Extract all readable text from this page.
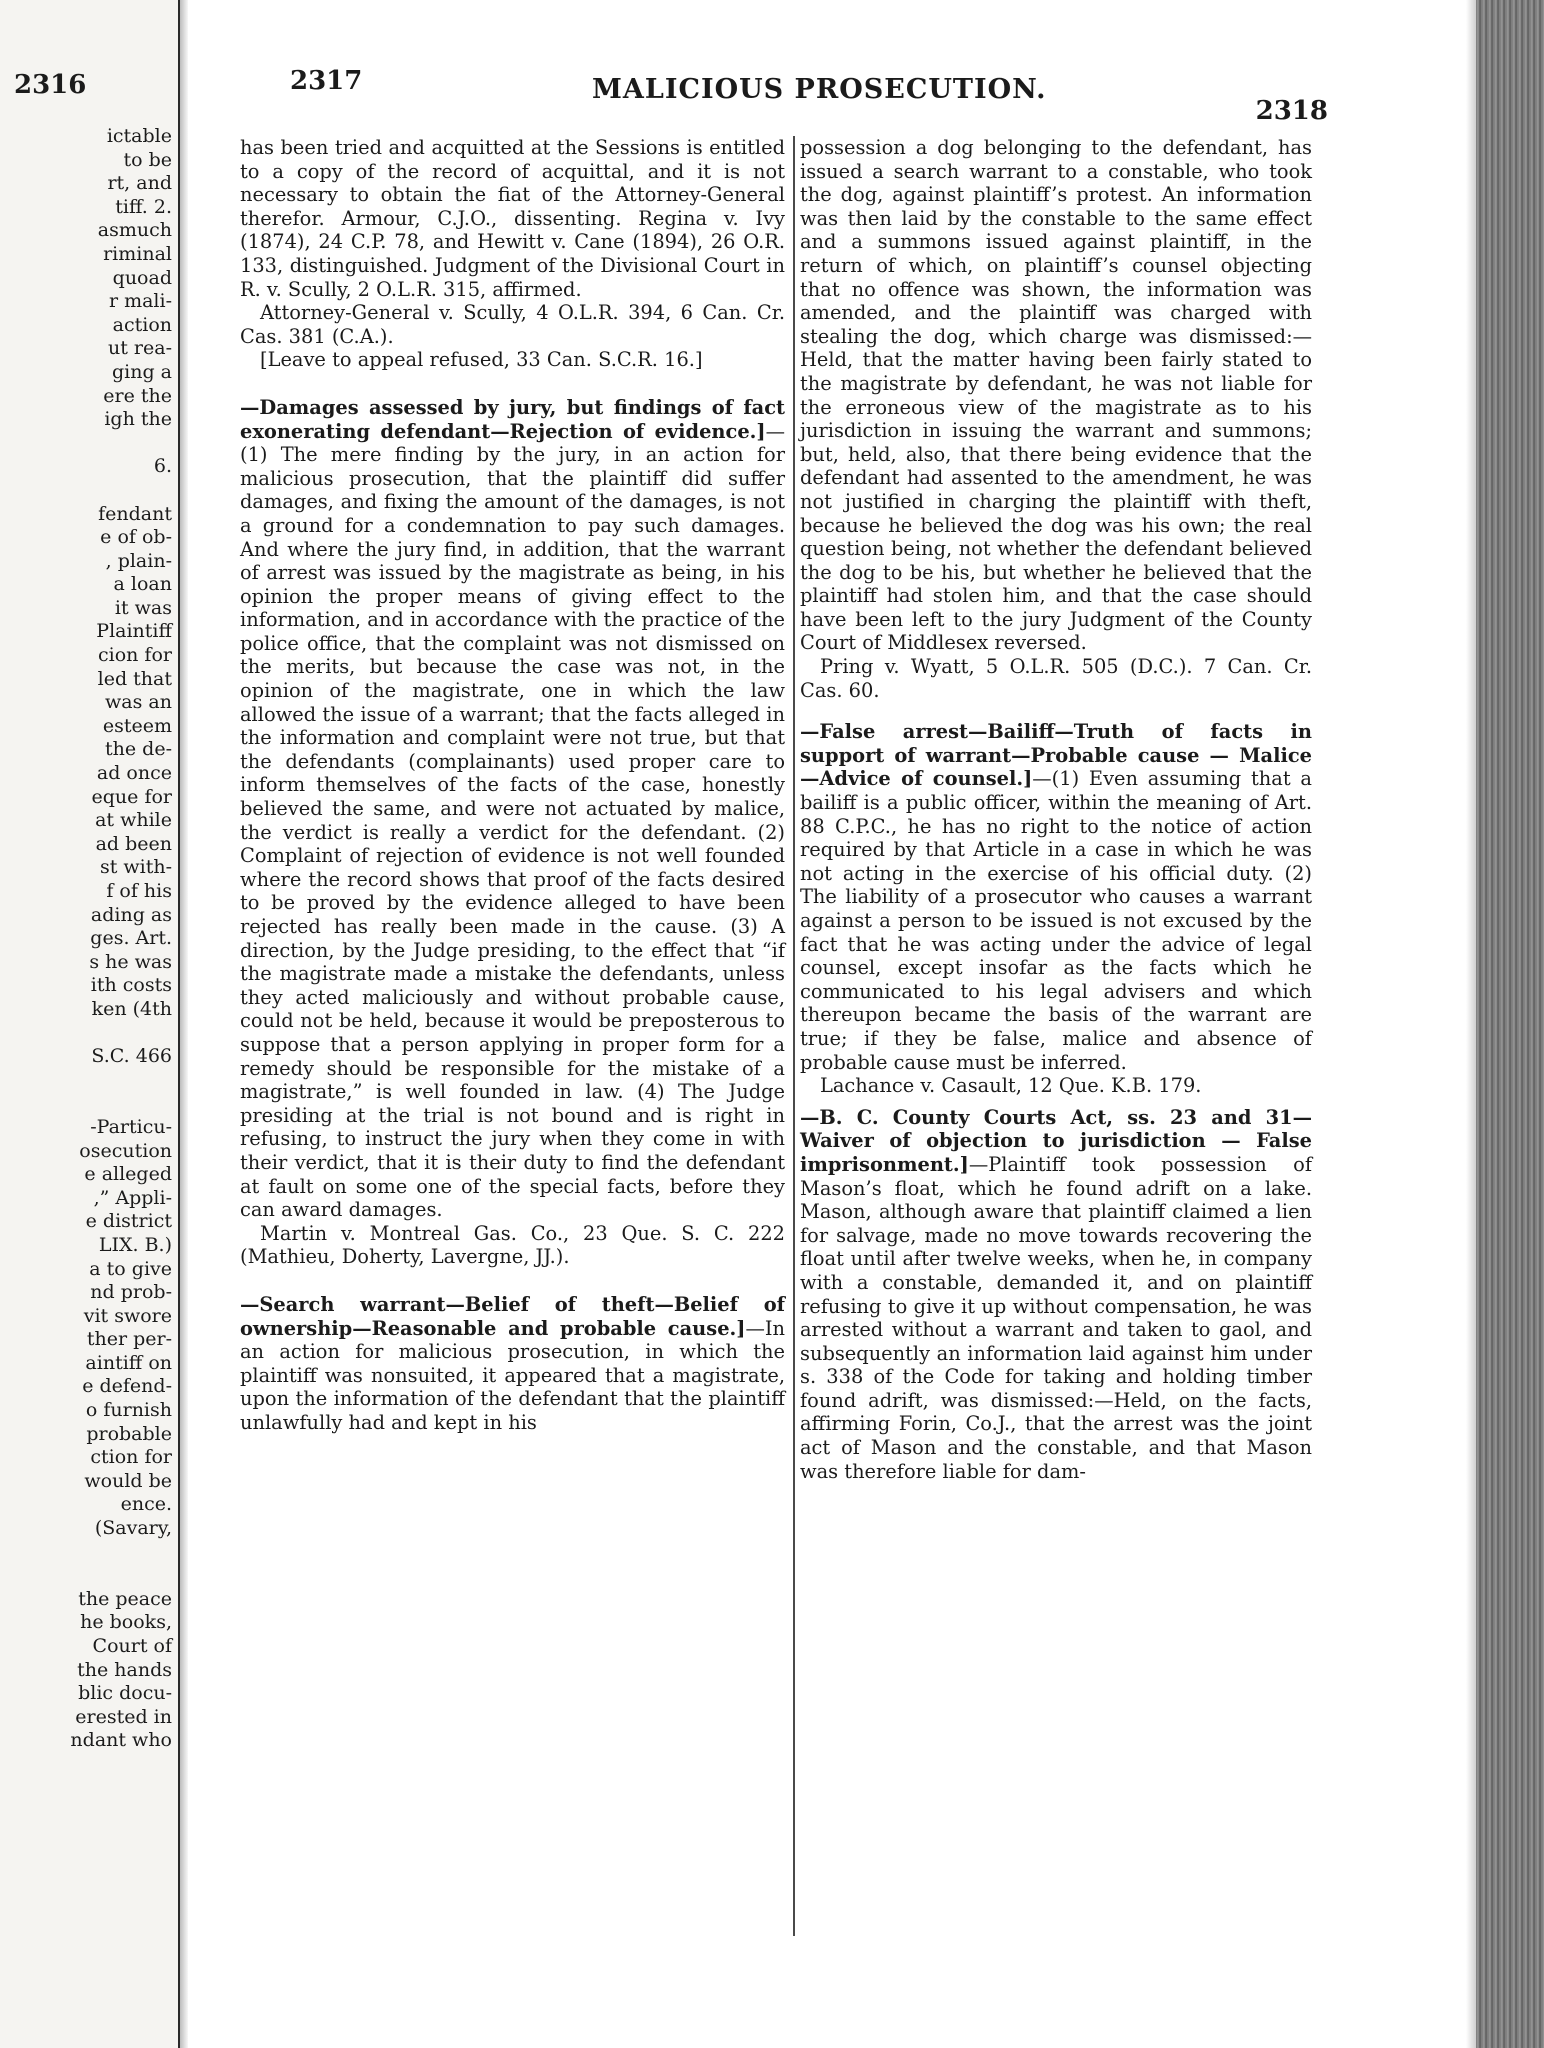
2316
ictable
to be
rt, and
tiff. 2.
asmuch
riminal
quoad
r mali-
action
ut rea-
ging a
ere the
igh the
6.
fendant
e of ob-
, plain-
a loan
it was
Plaintiff
cion for
led that
was an
esteem
the de-
ad once
eque for
at while
ad been
st with-
f of his
ading as
ges. Art.
s he was
ith costs
ken (4th
S.C. 466
-Particu-
osecution
e alleged
,” Appli-
e district
LIX. B.)
a to give
nd prob-
vit swore
ther per-
aintiff on
e defend-
o furnish
probable
ction for
would be
ence.
(Savary,
the peace
he books,
Court of
the hands
blic docu-
erested in
ndant who
2317	MALICIOUS PROSECUTION.
2318

has been tried and acquitted at the Sessions is entitled to a copy of the record of acquittal, and it is not necessary to obtain the fiat of the Attorney-General therefor. Armour, C.J.O., dissenting. Regina v. Ivy (1874), 24 C.P. 78, and Hewitt v. Cane (1894), 26 O.R. 133, distinguished. Judgment of the Divisional Court in R. v. Scully, 2 O.L.R. 315, affirmed.

Attorney-General v. Scully, 4 O.L.R. 394, 6 Can. Cr. Cas. 381 (C.A.).

[Leave to appeal refused, 33 Can. S.C.R. 16.]

—Damages assessed by jury, but findings of fact exonerating defendant—Rejection of evidence.]—(1) The mere finding by the jury, in an action for malicious prosecution, that the plaintiff did suffer damages, and fixing the amount of the damages, is not a ground for a condemnation to pay such damages. And where the jury find, in addition, that the warrant of arrest was issued by the magistrate as being, in his opinion the proper means of giving effect to the information, and in accordance with the practice of the police office, that the complaint was not dismissed on the merits, but because the case was not, in the opinion of the magistrate, one in which the law allowed the issue of a warrant; that the facts alleged in the information and complaint were not true, but that the defendants (complainants) used proper care to inform themselves of the facts of the case, honestly believed the same, and were not actuated by malice, the verdict is really a verdict for the defendant. (2) Complaint of rejection of evidence is not well founded where the record shows that proof of the facts desired to be proved by the evidence alleged to have been rejected has really been made in the cause. (3) A direction, by the Judge presiding, to the effect that “if the magistrate made a mistake the defendants, unless they acted maliciously and without probable cause, could not be held, because it would be preposterous to suppose that a person applying in proper form for a remedy should be responsible for the mistake of a magistrate,” is well founded in law. (4) The Judge presiding at the trial is not bound and is right in refusing, to instruct the jury when they come in with their verdict, that it is their duty to find the defendant at fault on some one of the special facts, before they can award damages.

Martin v. Montreal Gas. Co., 23 Que. S. C. 222 (Mathieu, Doherty, Lavergne, JJ.).

—Search warrant—Belief of theft—Belief of ownership—Reasonable and probable cause.]—In an action for malicious prosecution, in which the plaintiff was nonsuited, it appeared that a magistrate, upon the information of the defendant that the plaintiff unlawfully had and kept in his

possession a dog belonging to the defendant, has issued a search warrant to a constable, who took the dog, against plaintiff’s protest. An information was then laid by the constable to the same effect and a summons issued against plaintiff, in the return of which, on plaintiff’s counsel objecting that no offence was shown, the information was amended, and the plaintiff was charged with stealing the dog, which charge was dismissed:—Held, that the matter having been fairly stated to the magistrate by defendant, he was not liable for the erroneous view of the magistrate as to his jurisdiction in issuing the warrant and summons; but, held, also, that there being evidence that the defendant had assented to the amendment, he was not justified in charging the plaintiff with theft, because he believed the dog was his own; the real question being, not whether the defendant believed the dog to be his, but whether he believed that the plaintiff had stolen him, and that the case should have been left to the jury Judgment of the County Court of Middlesex reversed.

Pring v. Wyatt, 5 O.L.R. 505 (D.C.). 7 Can. Cr. Cas. 60.

—False arrest—Bailiff—Truth of facts in support of warrant—Probable cause — Malice—Advice of counsel.]—(1) Even assuming that a bailiff is a public officer, within the meaning of Art. 88 C.P.C., he has no right to the notice of action required by that Article in a case in which he was not acting in the exercise of his official duty. (2) The liability of a prosecutor who causes a warrant against a person to be issued is not excused by the fact that he was acting under the advice of legal counsel, except insofar as the facts which he communicated to his legal advisers and which thereupon became the basis of the warrant are true; if they be false, malice and absence of probable cause must be inferred.

Lachance v. Casault, 12 Que. K.B. 179.

—B. C. County Courts Act, ss. 23 and 31— Waiver of objection to jurisdiction — False imprisonment.]—Plaintiff took possession of Mason’s float, which he found adrift on a lake. Mason, although aware that plaintiff claimed a lien for salvage, made no move towards recovering the float until after twelve weeks, when he, in company with a constable, demanded it, and on plaintiff refusing to give it up without compensation, he was arrested without a warrant and taken to gaol, and subsequently an information laid against him under s. 338 of the Code for taking and holding timber found adrift, was dismissed:—Held, on the facts, affirming Forin, Co.J., that the arrest was the joint act of Mason and the constable, and that Mason was therefore liable for dam-
